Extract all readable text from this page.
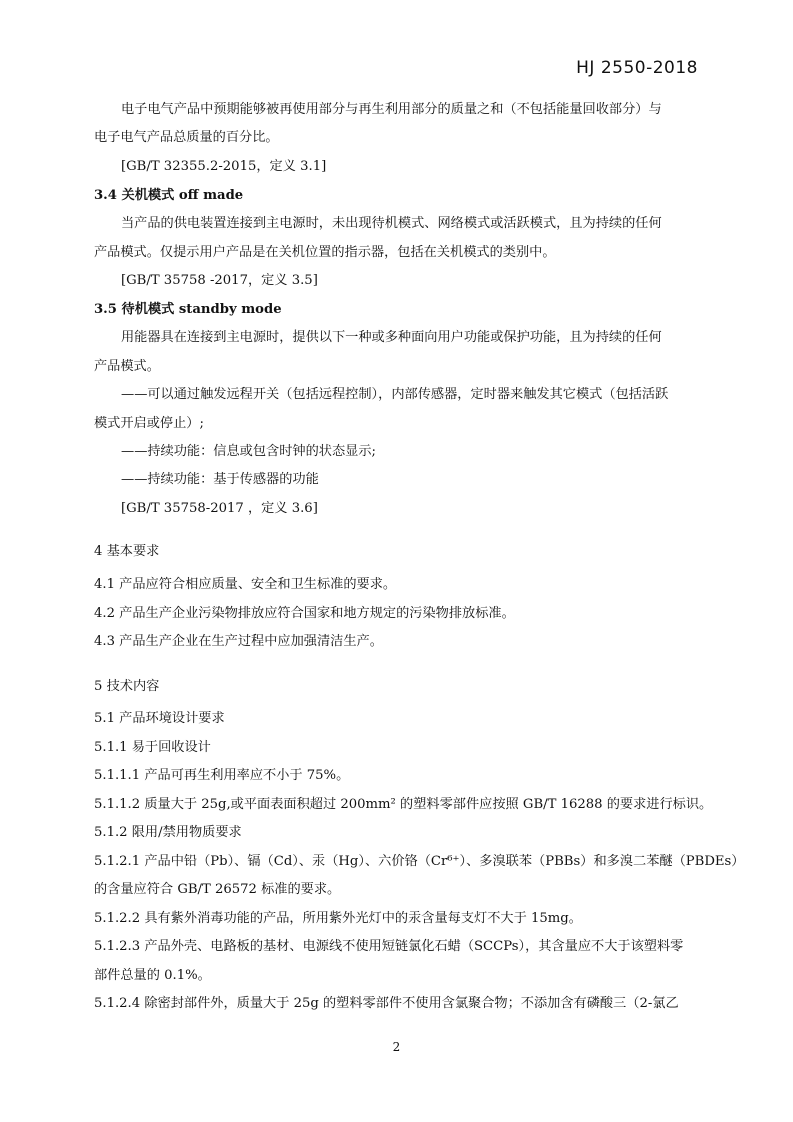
HJ 2550-2018
电子电气产品中预期能够被再使用部分与再生利用部分的质量之和（不包括能量回收部分）与
电子电气产品总质量的百分比。
[GB/T 32355.2-2015，定义 3.1]
3.4 关机模式 off made
当产品的供电装置连接到主电源时，未出现待机模式、网络模式或活跃模式，且为持续的任何
产品模式。仅提示用户产品是在关机位置的指示器，包括在关机模式的类别中。
[GB/T 35758 -2017，定义 3.5]
3.5 待机模式 standby mode
用能器具在连接到主电源时，提供以下一种或多种面向用户功能或保护功能，且为持续的任何
产品模式。
——可以通过触发远程开关（包括远程控制），内部传感器，定时器来触发其它模式（包括活跃
模式开启或停止）;
——持续功能：信息或包含时钟的状态显示;
——持续功能：基于传感器的功能
[GB/T 35758-2017 ，定义 3.6]
4 基本要求
4.1 产品应符合相应质量、安全和卫生标准的要求。
4.2 产品生产企业污染物排放应符合国家和地方规定的污染物排放标准。
4.3 产品生产企业在生产过程中应加强清洁生产。
5 技术内容
5.1 产品环境设计要求
5.1.1 易于回收设计
5.1.1.1 产品可再生利用率应不小于 75%。
5.1.1.2 质量大于 25g,或平面表面积超过 200mm² 的塑料零部件应按照 GB/T 16288 的要求进行标识。
5.1.2 限用/禁用物质要求
5.1.2.1 产品中铅（Pb）、镉（Cd）、汞（Hg）、六价铬（Cr⁶⁺）、多溴联苯（PBBs）和多溴二苯醚（PBDEs）
的含量应符合 GB/T 26572 标准的要求。
5.1.2.2 具有紫外消毒功能的产品，所用紫外光灯中的汞含量每支灯不大于 15mg。
5.1.2.3 产品外壳、电路板的基材、电源线不使用短链氯化石蜡（SCCPs），其含量应不大于该塑料零
部件总量的 0.1%。
5.1.2.4 除密封部件外，质量大于 25g 的塑料零部件不使用含氯聚合物；不添加含有磷酸三（2-氯乙
2
